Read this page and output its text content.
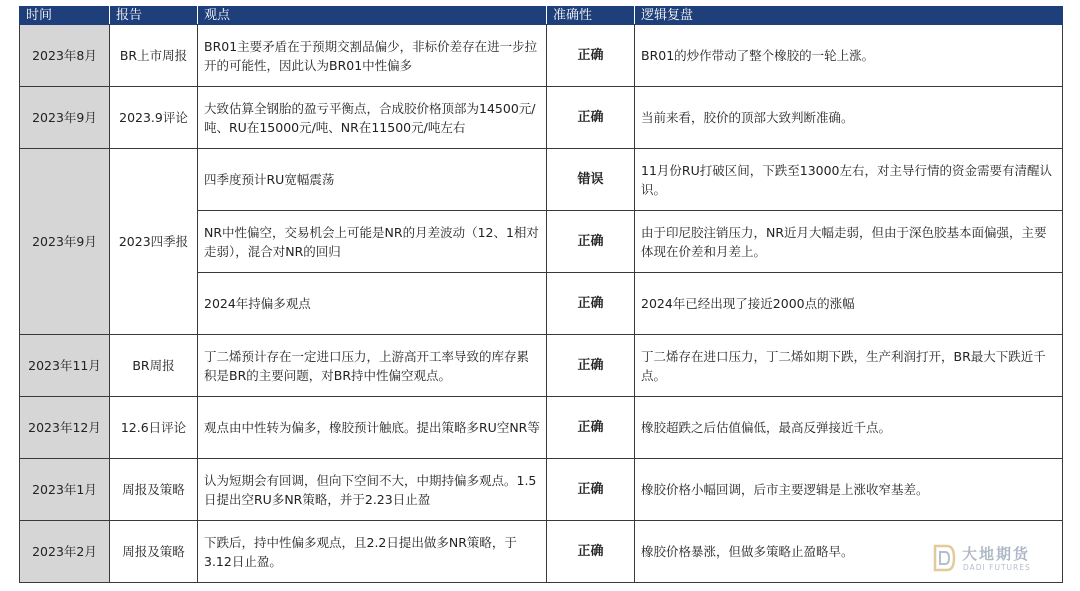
时间	报告	观点	准确性	逻辑复盘
2023年8月	BR上市周报	BR01主要矛盾在于预期交割品偏少，非标价差存在进一步拉开的可能性，因此认为BR01中性偏多	正确	BR01的炒作带动了整个橡胶的一轮上涨。
2023年9月	2023.9评论	大致估算全钢胎的盈亏平衡点，合成胶价格顶部为14500元/吨、RU在15000元/吨、NR在11500元/吨左右	正确	当前来看，胶价的顶部大致判断准确。
2023年9月	2023四季报	四季度预计RU宽幅震荡	错误	11月份RU打破区间，下跌至13000左右，对主导行情的资金需要有清醒认识。
		NR中性偏空，交易机会上可能是NR的月差波动（12、1相对走弱），混合对NR的回归	正确	由于印尼胶注销压力，NR近月大幅走弱，但由于深色胶基本面偏强，主要体现在价差和月差上。
		2024年持偏多观点	正确	2024年已经出现了接近2000点的涨幅
2023年11月	BR周报	丁二烯预计存在一定进口压力，上游高开工率导致的库存累积是BR的主要问题，对BR持中性偏空观点。	正确	丁二烯存在进口压力，丁二烯如期下跌，生产利润打开，BR最大下跌近千点。
2023年12月	12.6日评论	观点由中性转为偏多，橡胶预计触底。提出策略多RU空NR等	正确	橡胶超跌之后估值偏低，最高反弹接近千点。
2023年1月	周报及策略	认为短期会有回调，但向下空间不大，中期持偏多观点。1.5日提出空RU多NR策略，并于2.23日止盈	正确	橡胶价格小幅回调，后市主要逻辑是上涨收窄基差。
2023年2月	周报及策略	下跌后，持中性偏多观点，且2.2日提出做多NR策略，于3.12日止盈。	正确	橡胶价格暴涨，但做多策略止盈略早。	大地期货
DADI FUTURES
